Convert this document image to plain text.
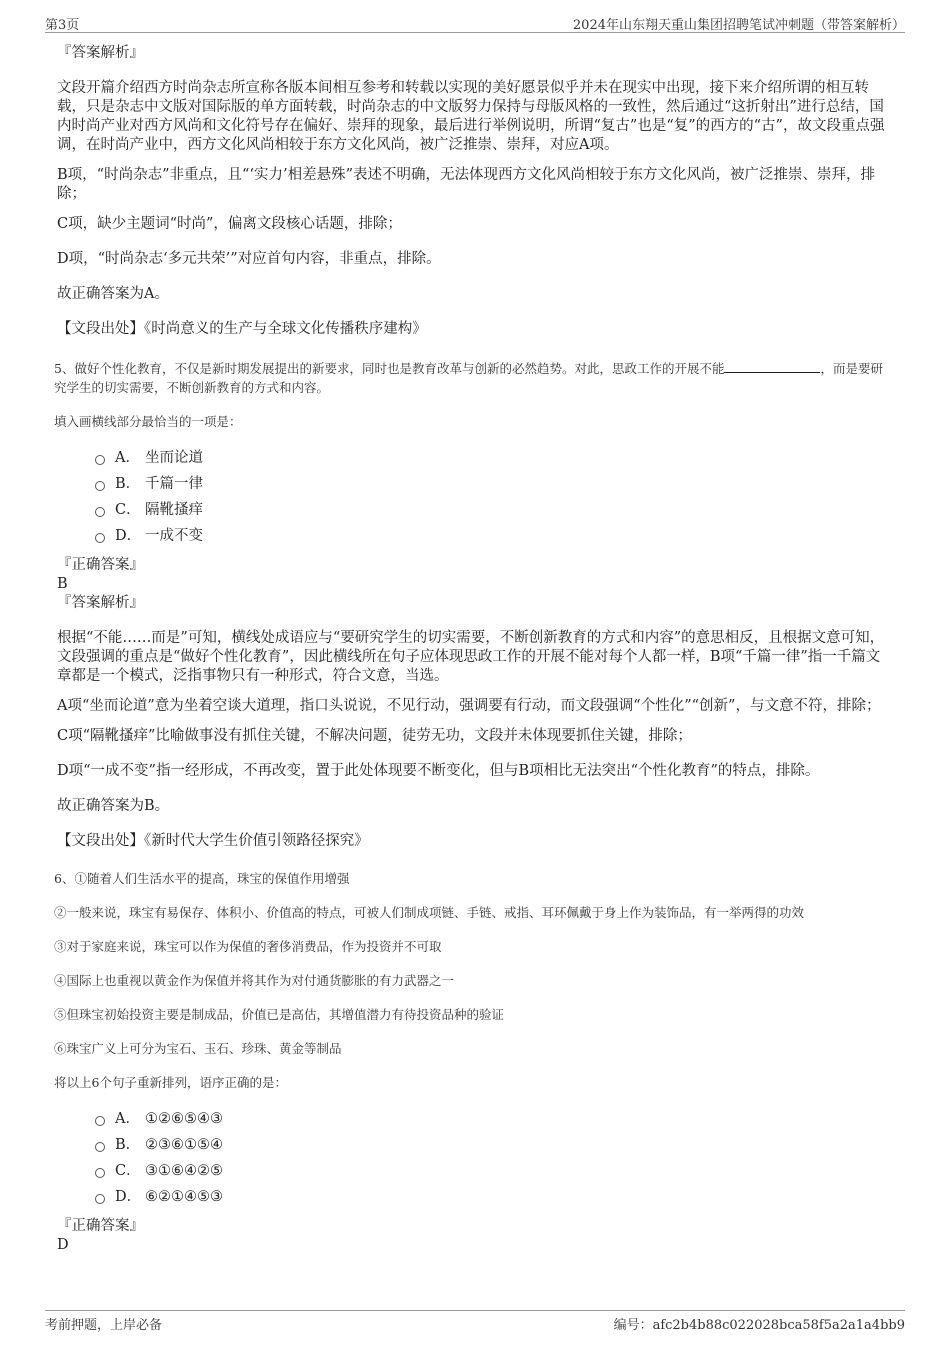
第3页	2024年山东翔天重山集团招聘笔试冲刺题（带答案解析）
『答案解析』
文段开篇介绍西方时尚杂志所宣称各版本间相互参考和转载以实现的美好愿景似乎并未在现实中出现，接下来介绍所谓的相互转载，只是杂志中文版对国际版的单方面转载，时尚杂志的中文版努力保持与母版风格的一致性，然后通过“这折射出”进行总结，国内时尚产业对西方风尚和文化符号存在偏好、崇拜的现象，最后进行举例说明，所谓“复古”也是“复”的西方的“古”，故文段重点强调，在时尚产业中，西方文化风尚相较于东方文化风尚，被广泛推崇、崇拜，对应A项。
B项，“时尚杂志”非重点，且“‘实力’相差悬殊”表述不明确，无法体现西方文化风尚相较于东方文化风尚，被广泛推崇、崇拜，排除；
C项，缺少主题词“时尚”，偏离文段核心话题，排除；
D项，“时尚杂志‘多元共荣’”对应首句内容，非重点，排除。
故正确答案为A。
【文段出处】《时尚意义的生产与全球文化传播秩序建构》
5、做好个性化教育，不仅是新时期发展提出的新要求，同时也是教育改革与创新的必然趋势。对此，思政工作的开展不能	，而是要研究学生的切实需要，不断创新教育的方式和内容。
填入画横线部分最恰当的一项是：
A． 坐而论道
B． 千篇一律
C． 隔靴搔痒
D． 一成不变
『正确答案』
B
『答案解析』
根据“不能……而是”可知，横线处成语应与“要研究学生的切实需要，不断创新教育的方式和内容”的意思相反，且根据文意可知，文段强调的重点是“做好个性化教育”，因此横线所在句子应体现思政工作的开展不能对每个人都一样，B项“千篇一律”指一千篇文章都是一个模式，泛指事物只有一种形式，符合文意，当选。
A项“坐而论道”意为坐着空谈大道理，指口头说说，不见行动，强调要有行动，而文段强调“个性化”“创新”，与文意不符，排除；
C项“隔靴搔痒”比喻做事没有抓住关键，不解决问题，徒劳无功，文段并未体现要抓住关键，排除；
D项“一成不变”指一经形成，不再改变，置于此处体现要不断变化，但与B项相比无法突出“个性化教育”的特点，排除。
故正确答案为B。
【文段出处】《新时代大学生价值引领路径探究》
6、①随着人们生活水平的提高，珠宝的保值作用增强
②一般来说，珠宝有易保存、体积小、价值高的特点，可被人们制成项链、手链、戒指、耳环佩戴于身上作为装饰品，有一举两得的功效
③对于家庭来说，珠宝可以作为保值的奢侈消费品，作为投资并不可取
④国际上也重视以黄金作为保值并将其作为对付通货膨胀的有力武器之一
⑤但珠宝初始投资主要是制成品，价值已是高估，其增值潜力有待投资品种的验证
⑥珠宝广义上可分为宝石、玉石、珍珠、黄金等制品
将以上6个句子重新排列，语序正确的是：
A． ①②⑥⑤④③
B． ②③⑥①⑤④
C． ③①⑥④②⑤
D． ⑥②①④⑤③
『正确答案』
D
考前押题，上岸必备	编号：afc2b4b88c022028bca58f5a2a1a4bb9
